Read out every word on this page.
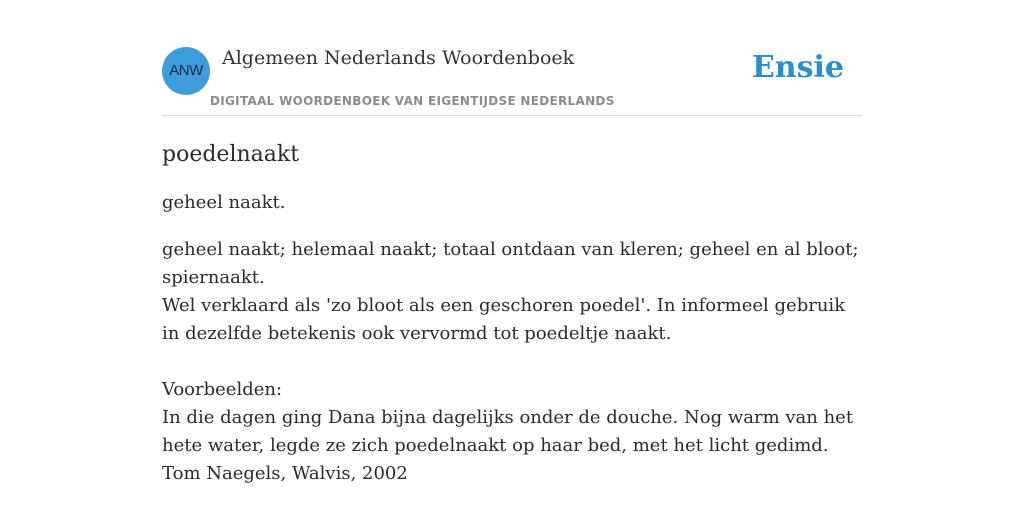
ANW
Algemeen Nederlands Woordenboek
DIGITAAL WOORDENBOEK VAN EIGENTIJDSE NEDERLANDS
Ensie
poedelnaakt
geheel naakt.

geheel naakt; helemaal naakt; totaal ontdaan van kleren; geheel en al bloot; spiernaakt.

Wel verklaard als 'zo bloot als een geschoren poedel'. In informeel gebruik in dezelfde betekenis ook vervormd tot poedeltje naakt.

Voorbeelden:

In die dagen ging Dana bijna dagelijks onder de douche. Nog warm van het hete water, legde ze zich poedelnaakt op haar bed, met het licht gedimd.

Tom Naegels, Walvis, 2002
